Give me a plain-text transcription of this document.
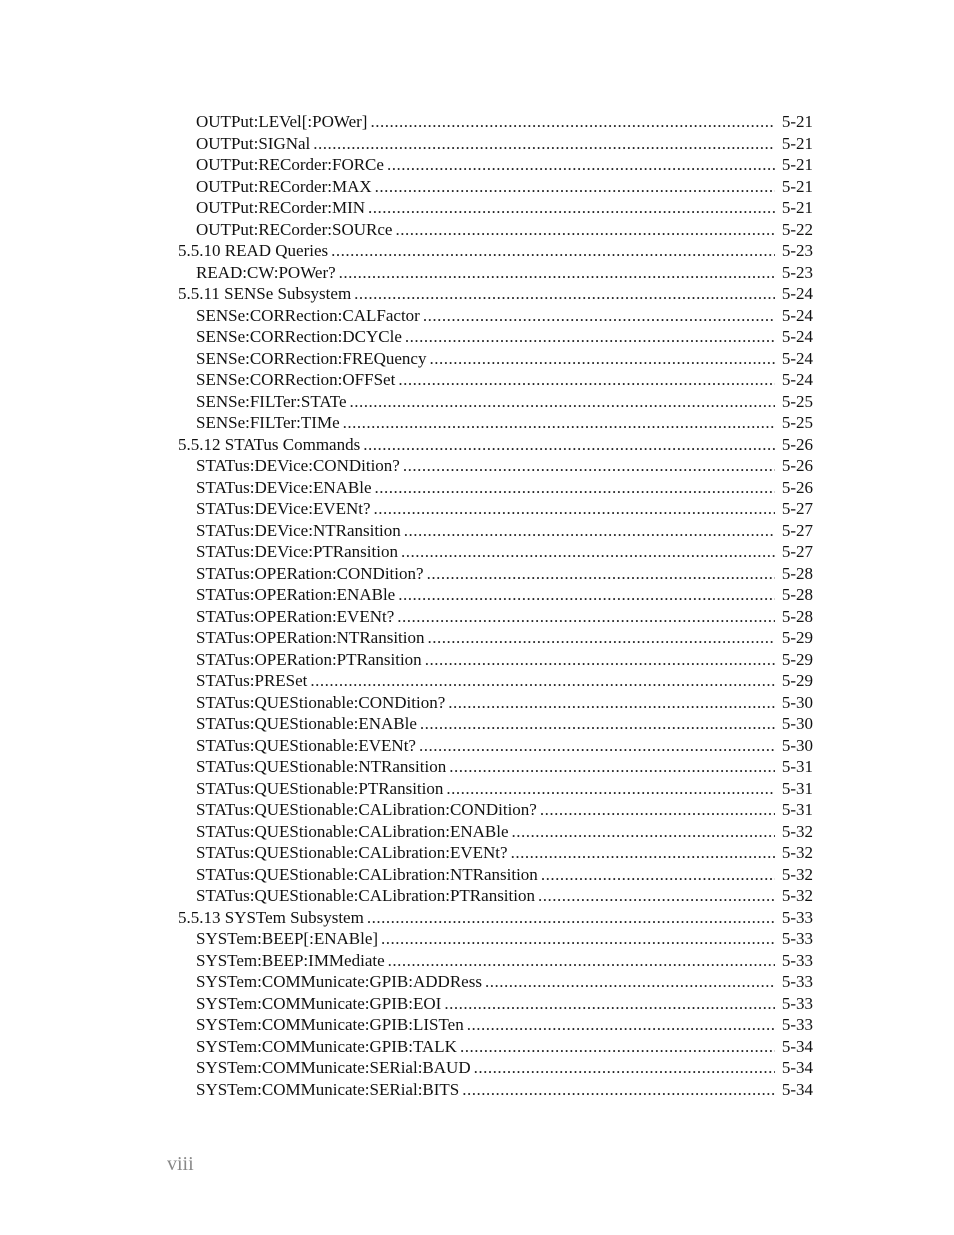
OUTPut:LEVel[:POWer] .....	5-21
OUTPut:SIGNal .....	5-21
OUTPut:RECorder:FORCe .....	5-21
OUTPut:RECorder:MAX .....	5-21
OUTPut:RECorder:MIN .....	5-21
OUTPut:RECorder:SOURce .....	5-22
5.5.10 READ Queries .....	5-23
READ:CW:POWer? .....	5-23
5.5.11 SENSe Subsystem .....	5-24
SENSe:CORRection:CALFactor .....	5-24
SENSe:CORRection:DCYCle .....	5-24
SENSe:CORRection:FREQuency .....	5-24
SENSe:CORRection:OFFSet .....	5-24
SENSe:FILTer:STATe .....	5-25
SENSe:FILTer:TIMe .....	5-25
5.5.12 STATus Commands .....	5-26
STATus:DEVice:CONDition? .....	5-26
STATus:DEVice:ENABle .....	5-26
STATus:DEVice:EVENt? .....	5-27
STATus:DEVice:NTRansition .....	5-27
STATus:DEVice:PTRansition .....	5-27
STATus:OPERation:CONDition? .....	5-28
STATus:OPERation:ENABle .....	5-28
STATus:OPERation:EVENt? .....	5-28
STATus:OPERation:NTRansition .....	5-29
STATus:OPERation:PTRansition .....	5-29
STATus:PRESet .....	5-29
STATus:QUEStionable:CONDition? .....	5-30
STATus:QUEStionable:ENABle .....	5-30
STATus:QUEStionable:EVENt? .....	5-30
STATus:QUEStionable:NTRansition .....	5-31
STATus:QUEStionable:PTRansition .....	5-31
STATus:QUEStionable:CALibration:CONDition? .....	5-31
STATus:QUEStionable:CALibration:ENABle .....	5-32
STATus:QUEStionable:CALibration:EVENt? .....	5-32
STATus:QUEStionable:CALibration:NTRansition .....	5-32
STATus:QUEStionable:CALibration:PTRansition .....	5-32
5.5.13 SYSTem Subsystem .....	5-33
SYSTem:BEEP[:ENABle] .....	5-33
SYSTem:BEEP:IMMediate .....	5-33
SYSTem:COMMunicate:GPIB:ADDRess .....	5-33
SYSTem:COMMunicate:GPIB:EOI .....	5-33
SYSTem:COMMunicate:GPIB:LISTen .....	5-33
SYSTem:COMMunicate:GPIB:TALK .....	5-34
SYSTem:COMMunicate:SERial:BAUD .....	5-34
SYSTem:COMMunicate:SERial:BITS .....	5-34
viii
